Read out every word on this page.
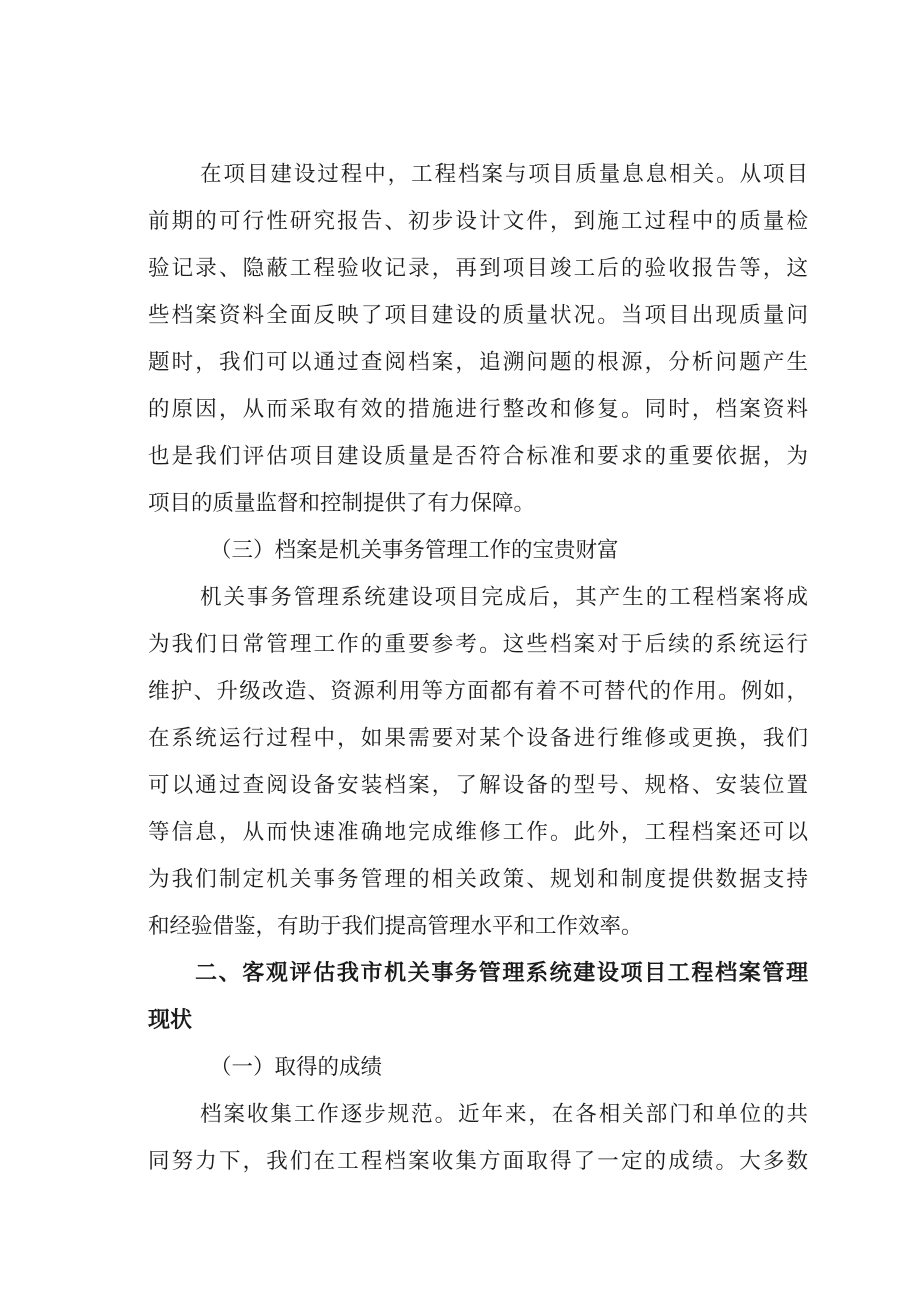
在项目建设过程中，工程档案与项目质量息息相关。从项目
前期的可行性研究报告、初步设计文件，到施工过程中的质量检
验记录、隐蔽工程验收记录，再到项目竣工后的验收报告等，这
些档案资料全面反映了项目建设的质量状况。当项目出现质量问
题时，我们可以通过查阅档案，追溯问题的根源，分析问题产生
的原因，从而采取有效的措施进行整改和修复。同时，档案资料
也是我们评估项目建设质量是否符合标准和要求的重要依据，为
项目的质量监督和控制提供了有力保障。
（三）档案是机关事务管理工作的宝贵财富
机关事务管理系统建设项目完成后，其产生的工程档案将成
为我们日常管理工作的重要参考。这些档案对于后续的系统运行
维护、升级改造、资源利用等方面都有着不可替代的作用。例如，
在系统运行过程中，如果需要对某个设备进行维修或更换，我们
可以通过查阅设备安装档案，了解设备的型号、规格、安装位置
等信息，从而快速准确地完成维修工作。此外，工程档案还可以
为我们制定机关事务管理的相关政策、规划和制度提供数据支持
和经验借鉴，有助于我们提高管理水平和工作效率。
二、客观评估我市机关事务管理系统建设项目工程档案管理
现状
（一）取得的成绩
档案收集工作逐步规范。近年来，在各相关部门和单位的共
同努力下，我们在工程档案收集方面取得了一定的成绩。大多数
